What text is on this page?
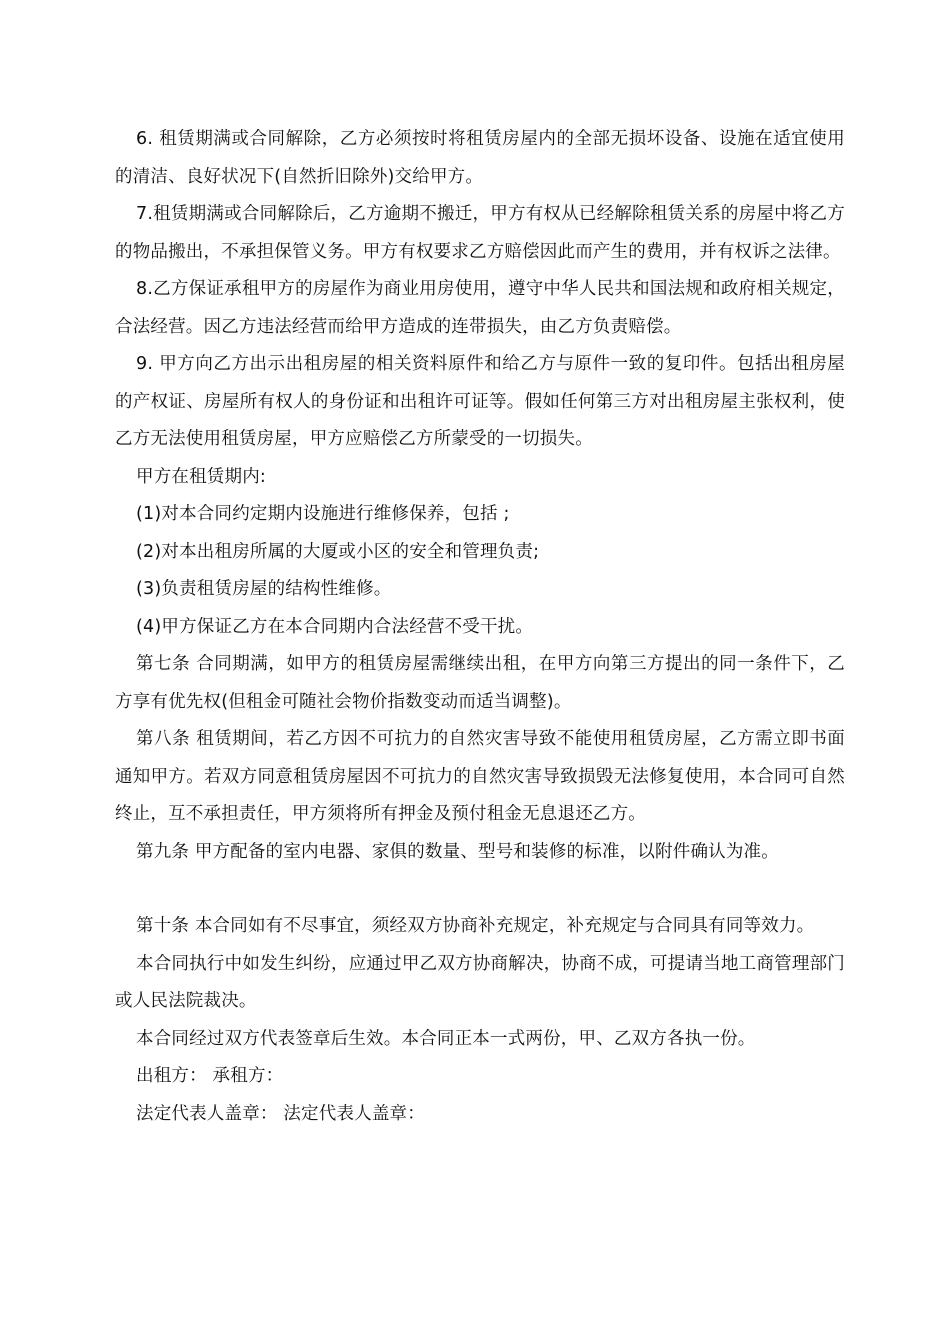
6. 租赁期满或合同解除，乙方必须按时将租赁房屋内的全部无损坏设备、设施在适宜使用的清洁、良好状况下(自然折旧除外)交给甲方。

7.租赁期满或合同解除后，乙方逾期不搬迁，甲方有权从已经解除租赁关系的房屋中将乙方的物品搬出，不承担保管义务。甲方有权要求乙方赔偿因此而产生的费用，并有权诉之法律。

8.乙方保证承租甲方的房屋作为商业用房使用，遵守中华人民共和国法规和政府相关规定，合法经营。因乙方违法经营而给甲方造成的连带损失，由乙方负责赔偿。

9. 甲方向乙方出示出租房屋的相关资料原件和给乙方与原件一致的复印件。包括出租房屋的产权证、房屋所有权人的身份证和出租许可证等。假如任何第三方对出租房屋主张权利，使乙方无法使用租赁房屋，甲方应赔偿乙方所蒙受的一切损失。

甲方在租赁期内:

(1)对本合同约定期内设施进行维修保养，包括 ;

(2)对本出租房所属的大厦或小区的安全和管理负责;

(3)负责租赁房屋的结构性维修。

(4)甲方保证乙方在本合同期内合法经营不受干扰。

第七条 合同期满，如甲方的租赁房屋需继续出租，在甲方向第三方提出的同一条件下，乙方享有优先权(但租金可随社会物价指数变动而适当调整)。

第八条 租赁期间，若乙方因不可抗力的自然灾害导致不能使用租赁房屋，乙方需立即书面通知甲方。若双方同意租赁房屋因不可抗力的自然灾害导致损毁无法修复使用，本合同可自然终止，互不承担责任，甲方须将所有押金及预付租金无息退还乙方。

第九条 甲方配备的室内电器、家俱的数量、型号和装修的标准，以附件确认为准。

第十条 本合同如有不尽事宜，须经双方协商补充规定，补充规定与合同具有同等效力。

本合同执行中如发生纠纷，应通过甲乙双方协商解决，协商不成，可提请当地工商管理部门或人民法院裁决。

本合同经过双方代表签章后生效。本合同正本一式两份，甲、乙双方各执一份。

出租方： 承租方：

法定代表人盖章： 法定代表人盖章：
